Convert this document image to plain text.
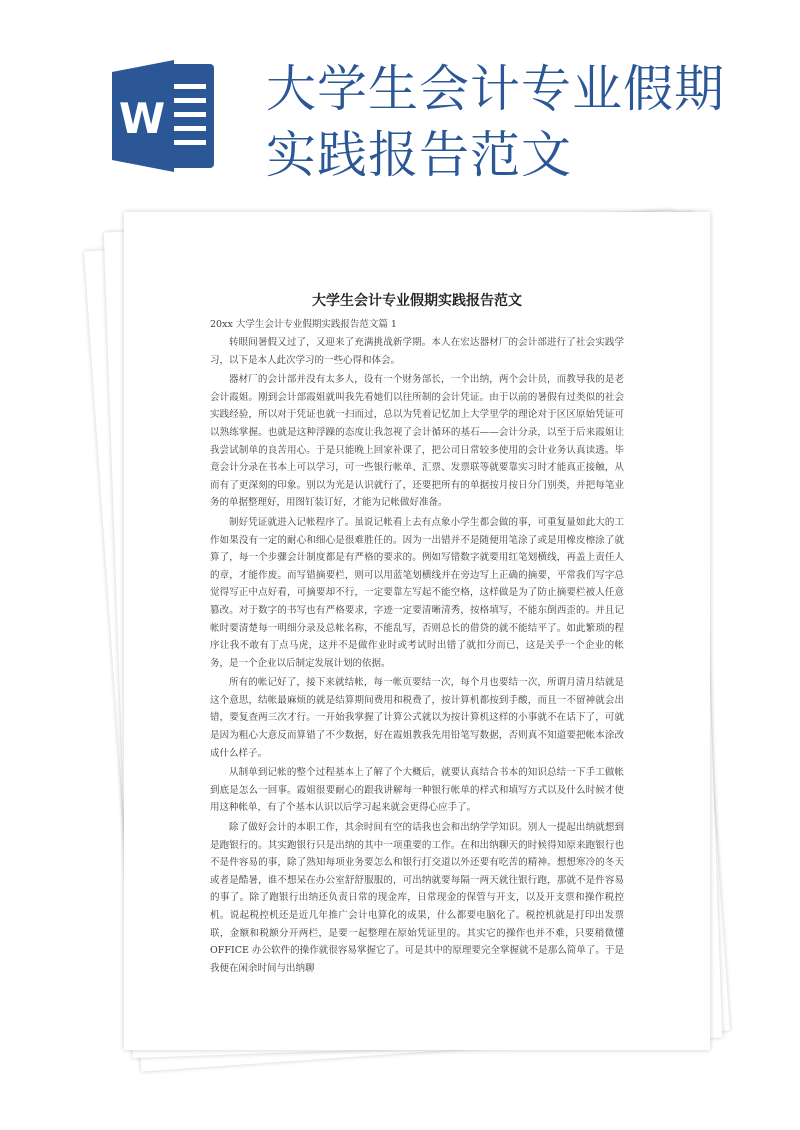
W
大学生会计专业假期实践报告范文
大学生会计专业假期实践报告范文
20xx 大学生会计专业假期实践报告范文篇 1

转眼间暑假又过了，又迎来了充满挑战新学期。本人在宏达器材厂的会计部进行了社会实践学习，以下是本人此次学习的一些心得和体会。

器材厂的会计部并没有太多人，设有一个财务部长，一个出纳，两个会计员，而教导我的是老会计霞姐。刚到会计部霞姐就叫我先看她们以往所制的会计凭证。由于以前的暑假有过类似的社会实践经验，所以对于凭证也就一扫而过，总以为凭着记忆加上大学里学的理论对于区区原始凭证可以熟练掌握。也就是这种浮躁的态度让我忽视了会计循环的基石——会计分录，以至于后来霞姐让我尝试制单的良苦用心。于是只能晚上回家补课了，把公司日常较多使用的会计业务认真读透。毕竟会计分录在书本上可以学习，可一些银行帐单、汇票、发票联等就要靠实习时才能真正接触，从而有了更深刻的印象。别以为光是认识就行了，还要把所有的单据按月按日分门别类，并把每笔业务的单据整理好，用图钉装订好，才能为记帐做好准备。

制好凭证就进入记帐程序了。虽说记帐看上去有点象小学生都会做的事，可重复量如此大的工作如果没有一定的耐心和细心是很难胜任的。因为一出错并不是随便用笔涂了或是用橡皮檫涂了就算了，每一个步骤会计制度都是有严格的要求的。例如写错数字就要用红笔划横线，再盖上责任人的章，才能作废。而写错摘要栏，则可以用蓝笔划横线并在旁边写上正确的摘要，平常我们写字总觉得写正中点好看，可摘要却不行，一定要靠左写起不能空格，这样做是为了防止摘要栏被人任意篡改。对于数字的书写也有严格要求，字迹一定要清晰清秀，按格填写，不能东倒西歪的。并且记帐时要清楚每一明细分录及总帐名称，不能乱写，否则总长的借贷的就不能结平了。如此繁琐的程序让我不敢有丁点马虎，这并不是做作业时或考试时出错了就扣分而已，这是关乎一个企业的帐务，是一个企业以后制定发展计划的依据。

所有的帐记好了，接下来就结帐，每一帐页要结一次，每个月也要结一次，所谓月清月结就是这个意思，结帐最麻烦的就是结算期间费用和税费了，按计算机都按到手酸，而且一不留神就会出错，要复查两三次才行。一开始我掌握了计算公式就以为按计算机这样的小事就不在话下了，可就是因为粗心大意反而算错了不少数据，好在霞姐教我先用铅笔写数据，否则真不知道要把帐本涂改成什么样子。

从制单到记帐的整个过程基本上了解了个大概后，就要认真结合书本的知识总结一下手工做帐到底是怎么一回事。霞姐很要耐心的跟我讲解每一种银行帐单的样式和填写方式以及什么时候才使用这种帐单，有了个基本认识以后学习起来就会更得心应手了。

除了做好会计的本职工作，其余时间有空的话我也会和出纳学学知识。别人一提起出纳就想到是跑银行的。其实跑银行只是出纳的其中一项重要的工作。在和出纳聊天的时候得知原来跑银行也不是件容易的事，除了熟知每项业务要怎么和银行打交道以外还要有吃苦的精神。想想寒冷的冬天或者是酷暑，谁不想呆在办公室舒舒服服的，可出纳就要每隔一两天就往银行跑，那就不是件容易的事了。除了跑银行出纳还负责日常的现金库，日常现金的保管与开支，以及开支票和操作税控机。说起税控机还是近几年推广会计电算化的成果，什么都要电脑化了。税控机就是打印出发票联，金额和税额分开两栏，是要一起整理在原始凭证里的。其实它的操作也并不难，只要稍微懂 OFFICE 办公软件的操作就很容易掌握它了。可是其中的原理要完全掌握就不是那么简单了。于是我便在闲余时间与出纳聊
